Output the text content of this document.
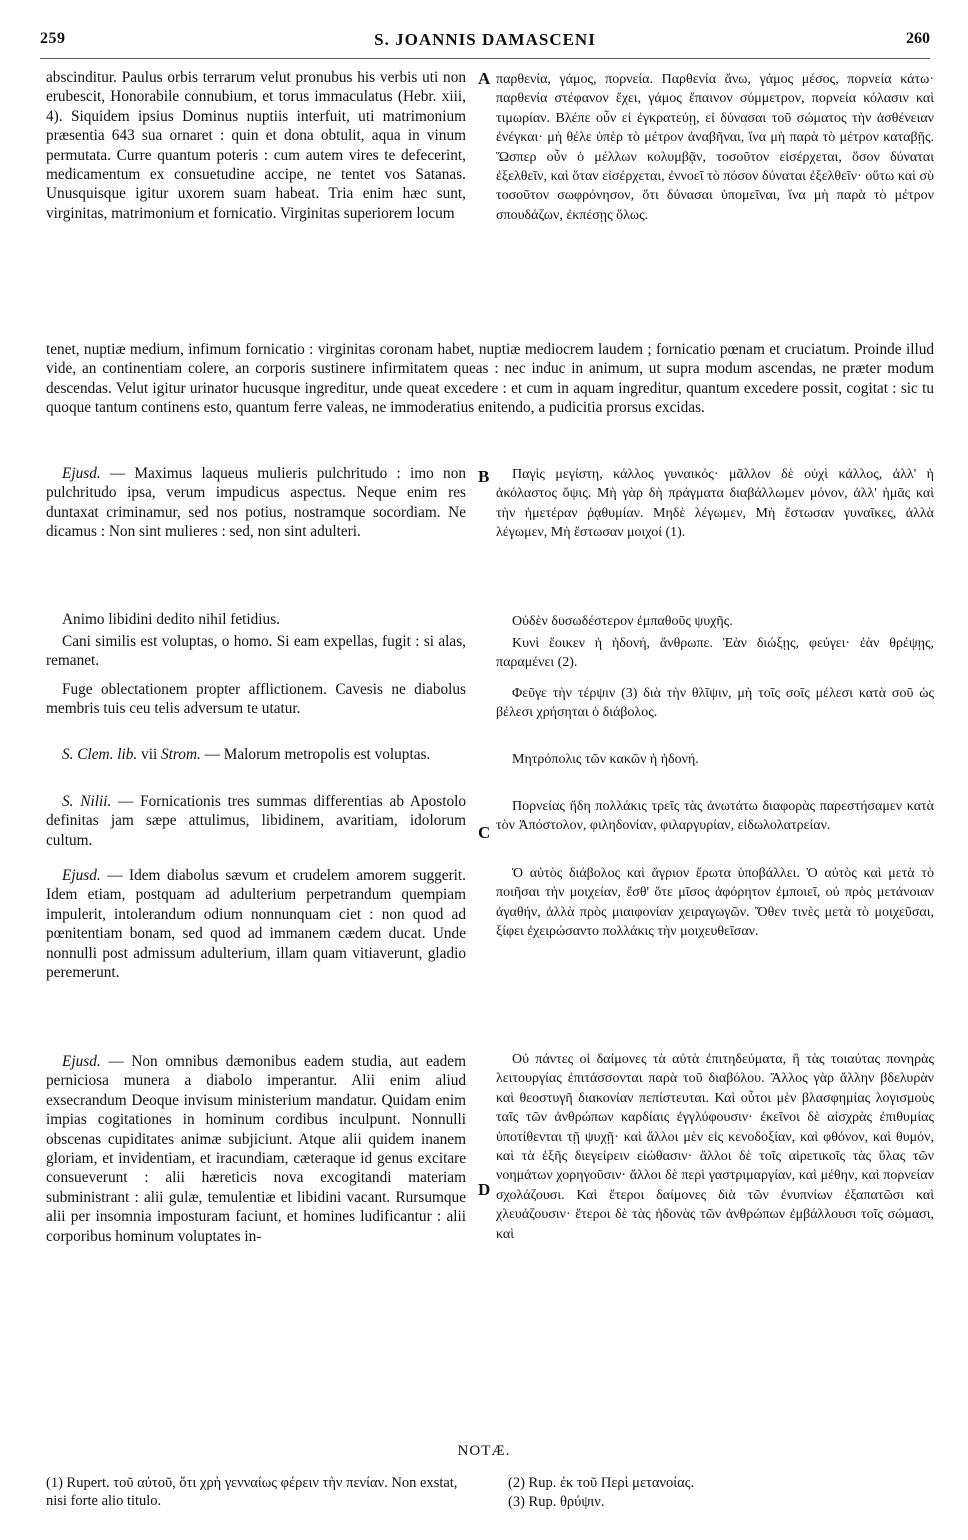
259	S. JOANNIS DAMASCENI	260

abscinditur. Paulus orbis terrarum velut pronubus his verbis uti non erubescit, Honorabile connubium, et torus immaculatus (Hebr. xiii, 4). Siquidem ipsius Dominus nuptiis interfuit, uti matrimonium præsentia 643 sua ornaret : quin et dona obtulit, aqua in vinum permutata. Curre quantum poteris : cum autem vires te defecerint, medicamentum ex consuetudine accipe, ne tentet vos Satanas. Unusquisque igitur uxorem suam habeat. Tria enim hæc sunt, virginitas, matrimonium et fornicatio. Virginitas superiorem locum

A παρθενία, γάμος, πορνεία. Παρθενία ἄνω, γάμος μέσος, πορνεία κάτω· παρθενία στέφανον ἔχει, γάμος ἔπαινον σύμμετρον, πορνεία κόλασιν καὶ τιμωρίαν. Βλέπε οὖν εἰ ἐγκρατεύῃ, εἰ δύνασαι τοῦ σώματος τὴν ἀσθένειαν ἐνέγκαι· μὴ θέλε ὑπὲρ τὸ μέτρον ἀναβῆναι, ἵνα μὴ παρὰ τὸ μέτρον καταβῇς. Ὥσπερ οὖν ὁ μέλλων κολυμβᾷν, τοσοῦτον εἰσέρχεται, ὅσον δύναται ἐξελθεῖν, καὶ ὅταν εἰσέρχεται, ἐννοεῖ τὸ πόσον δύναται ἐξελθεῖν· οὕτω καὶ σὺ τοσοῦτον σωφρόνησον, ὅτι δύνασαι ὑπομεῖναι, ἵνα μὴ παρὰ τὸ μέτρον σπουδάζων, ἐκπέσῃς ὅλως.

tenet, nuptiæ medium, infimum fornicatio : virginitas coronam habet, nuptiæ mediocrem laudem ; fornicatio pœnam et cruciatum. Proinde illud vide, an continentiam colere, an corporis sustinere infirmitatem queas : nec induc in animum, ut supra modum ascendas, ne præter modum descendas. Velut igitur urinator hucusque ingreditur, unde queat excedere : et cum in aquam ingreditur, quantum excedere possit, cogitat : sic tu quoque tantum continens esto, quantum ferre valeas, ne immoderatius enitendo, a pudicitia prorsus excidas.

Ejusd. — Maximus laqueus mulieris pulchritudo : imo non pulchritudo ipsa, verum impudicus aspectus. Neque enim res duntaxat criminamur, sed nos potius, nostramque socordiam. Ne dicamus : Non sint mulieres : sed, non sint adulteri.

B	Παγὶς μεγίστη, κάλλος γυναικός· μᾶλλον δὲ οὐχὶ κάλλος, ἀλλ' ἡ ἀκόλαστος ὄψις. Μὴ γὰρ δὴ πράγματα διαβάλλωμεν μόνον, ἀλλ' ἡμᾶς καὶ τὴν ἡμετέραν ῥᾳθυμίαν. Μηδὲ λέγωμεν, Μὴ ἔστωσαν γυναῖκες, ἀλλὰ λέγωμεν, Μὴ ἔστωσαν μοιχοί (1).

Animo libidini dedito nihil fetidius.	Οὐδὲν δυσωδέστερον ἐμπαθοῦς ψυχῆς.

Cani similis est voluptas, o homo. Si eam expellas, fugit : si alas, remanet.

Κυνὶ ἔοικεν ἡ ἡδονή, ἄνθρωπε. Ἐὰν διώξῃς, φεύγει· ἐὰν θρέψῃς, παραμένει (2).

Fuge oblectationem propter afflictionem. Cavesis ne diabolus membris tuis ceu telis adversum te utatur.

Φεῦγε τὴν τέρψιν (3) διὰ τὴν θλῖψιν, μὴ τοῖς σοῖς μέλεσι κατὰ σοῦ ὡς βέλεσι χρήσηται ὁ διάβολος.

S. Clem. lib. vii Strom. — Malorum metropolis est voluptas.	Μητρόπολις τῶν κακῶν ἡ ἡδονή.

S. Nilii. — Fornicationis tres summas differentias ab Apostolo definitas jam sæpe attulimus, libidinem, avaritiam, idolorum cultum.	C

Πορνείας ἤδη πολλάκις τρεῖς τὰς ἀνωτάτω διαφορὰς παρεστήσαμεν κατὰ τὸν Ἀπόστολον, φιληδονίαν, φιλαργυρίαν, εἰδωλολατρείαν.

Ejusd. — Idem diabolus sævum et crudelem amorem suggerit. Idem etiam, postquam ad adulterium perpetrandum quempiam impulerit, intolerandum odium nonnunquam ciet : non quod ad pœnitentiam bonam, sed quod ad immanem cædem ducat. Unde nonnulli post admissum adulterium, illam quam vitiaverunt, gladio peremerunt.

Ὁ αὐτὸς διάβολος καὶ ἄγριον ἔρωτα ὑποβάλλει. Ὁ αὐτὸς καὶ μετὰ τὸ ποιῆσαι τὴν μοιχείαν, ἔσθ' ὅτε μῖσος ἀφόρητον ἐμποιεῖ, οὐ πρὸς μετάνοιαν ἀγαθήν, ἀλλὰ πρὸς μιαιφονίαν χειραγωγῶν. Ὅθεν τινὲς μετὰ τὸ μοιχεῦσαι, ξίφει ἐχειρώσαντο πολλάκις τὴν μοιχευθεῖσαν.

Ejusd. — Non omnibus dæmonibus eadem studia, aut eadem perniciosa munera a diabolo imperantur. Alii enim aliud exsecrandum Deoque invisum ministerium mandatur. Quidam enim impias cogitationes in hominum cordibus inculpunt. Nonnulli obscenas cupiditates animæ subjiciunt. Atque alii quidem inanem gloriam, et invidentiam, et iracundiam, cæteraque id genus excitare consueverunt : alii hæreticis nova excogitandi materiam subministrant : alii gulæ, temulentiæ et libidini vacant. Rursumque alii per insomnia imposturam faciunt, et homines ludificantur : alii corporibus hominum voluptates in-

D

Οὐ πάντες οἱ δαίμονες τὰ αὐτὰ ἐπιτηδεύματα, ἢ τὰς τοιαύτας πονηρὰς λειτουργίας ἐπιτάσσονται παρὰ τοῦ διαβόλου. Ἄλλος γὰρ ἄλλην βδελυρὰν καὶ θεοστυγῆ διακονίαν πεπίστευται. Καὶ οὗτοι μὲν βλασφημίας λογισμοὺς ταῖς τῶν ἀνθρώπων καρδίαις ἐγγλύφουσιν· ἐκεῖνοι δὲ αἰσχρὰς ἐπιθυμίας ὑποτίθενται τῇ ψυχῇ· καὶ ἄλλοι μὲν εἰς κενοδοξίαν, καὶ φθόνον, καὶ θυμόν, καὶ τὰ ἑξῆς διεγείρειν εἰώθασιν· ἄλλοι δὲ τοῖς αἱρετικοῖς τὰς ὕλας τῶν νοημάτων χορηγοῦσιν· ἄλλοι δὲ περὶ γαστριμαργίαν, καὶ μέθην, καὶ πορνείαν σχολάζουσι. Καὶ ἕτεροι δαίμονες διὰ τῶν ἐνυπνίων ἐξαπατῶσι καὶ χλευάζουσιν· ἕτεροι δὲ τὰς ἡδονὰς τῶν ἀνθρώπων ἐμβάλλουσι τοῖς σώμασι, καὶ

NOTÆ.
(1) Rupert. τοῦ αὐτοῦ, ὅτι χρὴ γενναίως φέρειν τὴν πενίαν. Non exstat, nisi forte alio titulo.
(2) Rup. ἐκ τοῦ Περὶ μετανοίας.
(3) Rup. θρύψιν.
